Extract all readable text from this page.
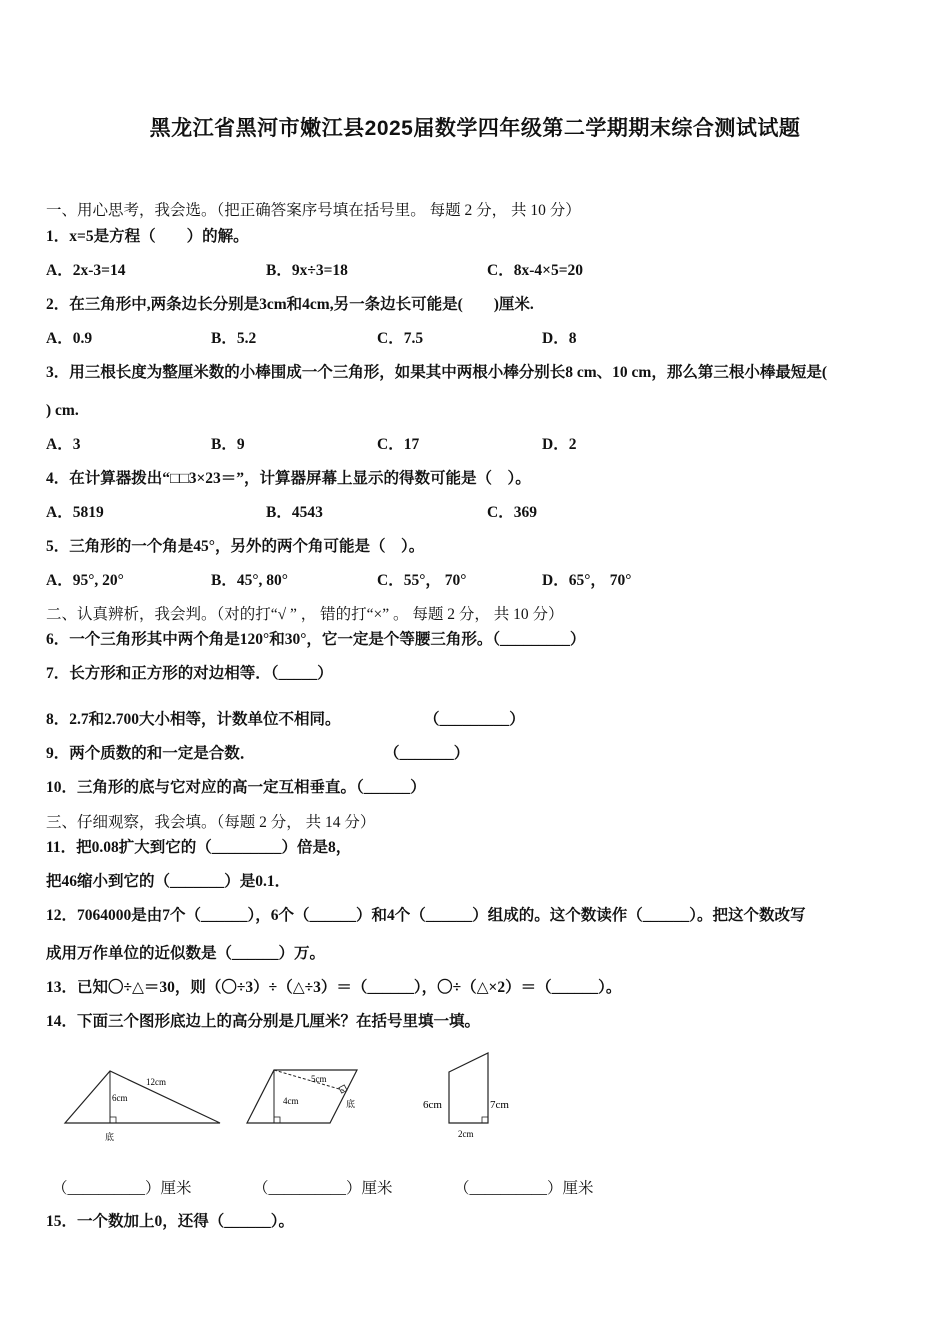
黑龙江省黑河市嫩江县2025届数学四年级第二学期期末综合测试试题
一、用心思考，我会选。（把正确答案序号填在括号里。 每题 2 分， 共 10 分）
1．x=5是方程（　　）的解。
A．2x-3=14	B．9x÷3=18	C．8x-4×5=20
2．在三角形中,两条边长分别是3cm和4cm,另一条边长可能是(　　)厘米.
A．0.9	B．5.2	C．7.5	D．8
3．用三根长度为整厘米数的小棒围成一个三角形，如果其中两根小棒分别长8 cm、10 cm，那么第三根小棒最短是(
) cm.
A．3	B．9	C．17	D．2
4．在计算器拨出“□□3×23＝”，计算器屏幕上显示的得数可能是（　）。
A．5819	B．4543	C．369
5．三角形的一个角是45°，另外的两个角可能是（　）。
A．95°, 20°	B．45°, 80°	C．55°， 70°	D．65°， 70°
二、认真辨析，我会判。（对的打“√ ” ， 错的打“×” 。 每题 2 分， 共 10 分）
6．一个三角形其中两个角是120°和30°，它一定是个等腰三角形。（_________）
7．长方形和正方形的对边相等．（_____）
8．2.7和2.700大小相等，计数单位不相同。	（_________）
9．两个质数的和一定是合数．	（_______）
10．三角形的底与它对应的高一定互相垂直。（______）
三、仔细观察，我会填。（每题 2 分， 共 14 分）
11．把0.08扩大到它的（_________）倍是8，
把46缩小到它的（_______）是0.1．
12．7064000是由7个（______），6个（______）和4个（______）组成的。这个数读作（______）。把这个数改写
成用万作单位的近似数是（______）万。
13．已知〇÷△＝30，则（〇÷3）÷（△÷3）＝（______），〇÷（△×2）＝（______）。
14．下面三个图形底边上的高分别是几厘米？在括号里填一填。
12cm
6cm
底
5cm
4cm	底	6cm	7cm
2cm
（__________）厘米	（__________）厘米	（__________）厘米
15．一个数加上0，还得（______）。
